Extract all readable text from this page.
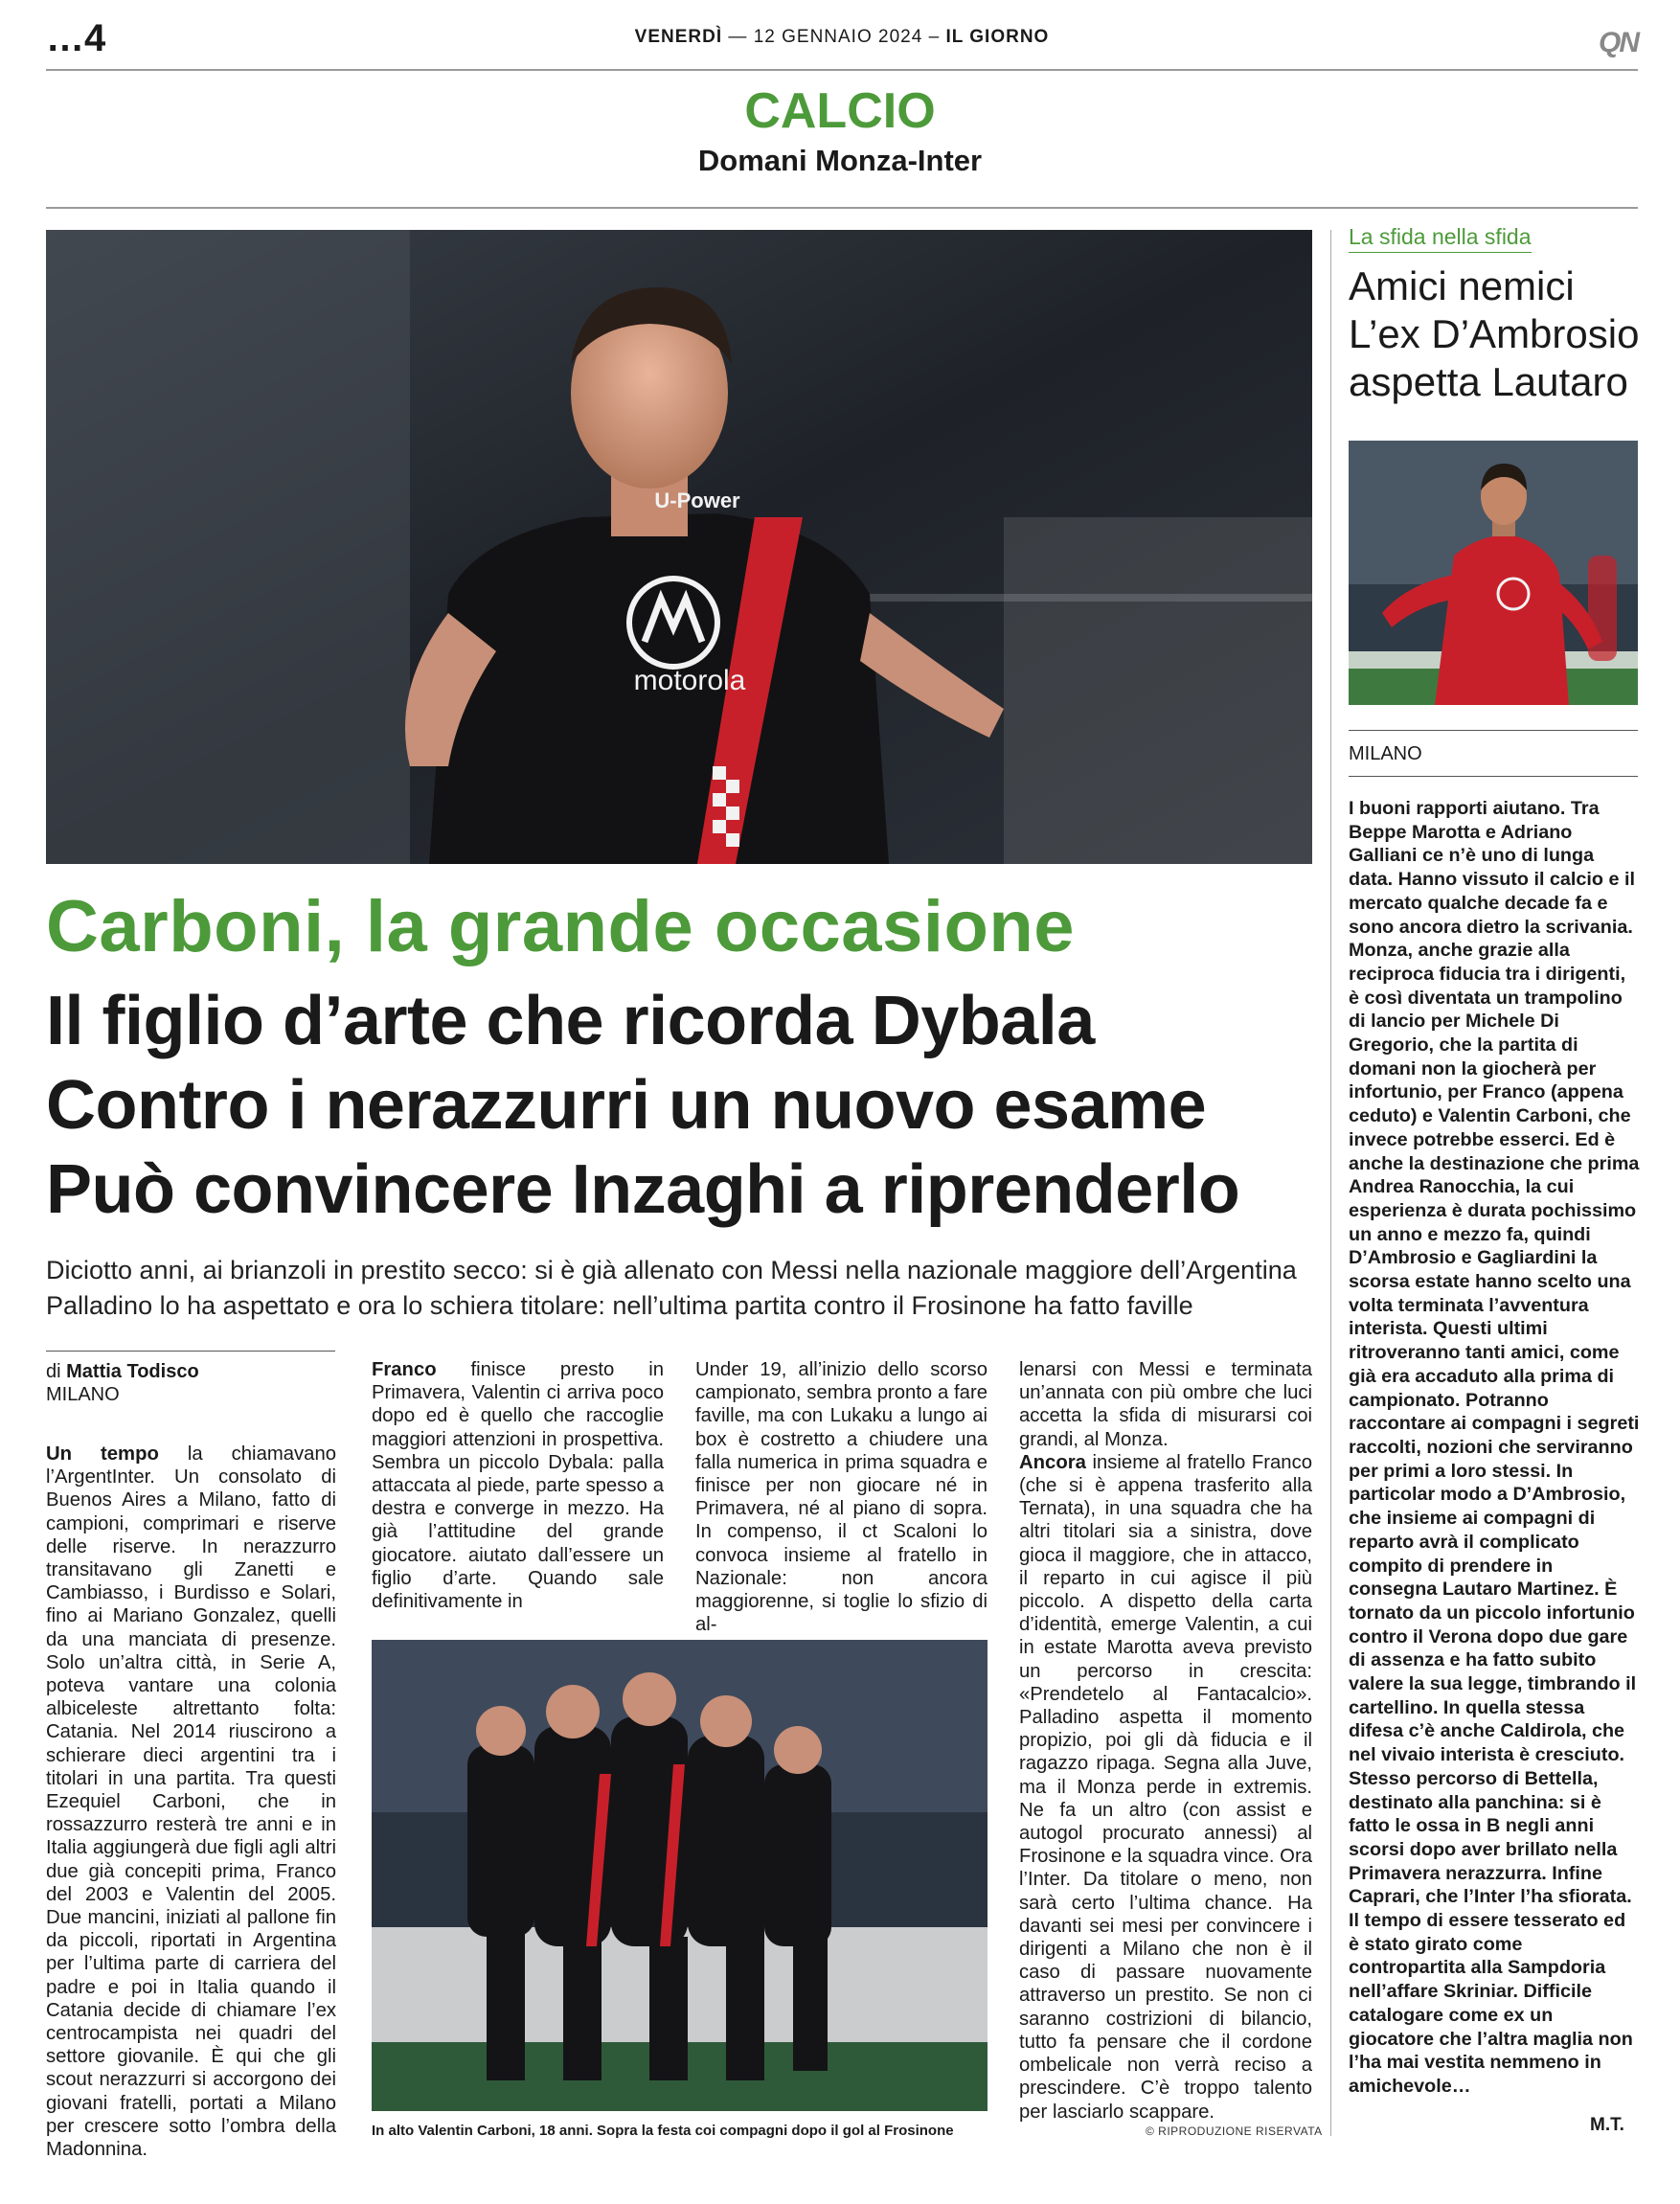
…4	VENERDÌ — 12 GENNAIO 2024 – IL GIORNO	QN
CALCIO
Domani Monza-Inter
motorola
U-Power
Carboni, la grande occasione
Il figlio d’arte che ricorda Dybala
Contro i nerazzurri un nuovo esame
Può convincere Inzaghi a riprenderlo
Diciotto anni, ai brianzoli in prestito secco: si è già allenato con Messi nella nazionale maggiore dell’Argentina
Palladino lo ha aspettato e ora lo schiera titolare: nell’ultima partita contro il Frosinone ha fatto faville
di Mattia Todisco
MILANO
Un tempo la chiamavano l’ArgentInter. Un consolato di Buenos Aires a Milano, fatto di campioni, comprimari e riserve delle riserve. In nerazzurro transitavano gli Zanetti e Cambiasso, i Burdisso e Solari, fino ai Mariano Gonzalez, quelli da una manciata di presenze. Solo un’altra città, in Serie A, poteva vantare una colonia albiceleste altrettanto folta: Catania. Nel 2014 riuscirono a schierare dieci argentini tra i titolari in una partita. Tra questi Ezequiel Carboni, che in rossazzurro resterà tre anni e in Italia aggiungerà due figli agli altri due già concepiti prima, Franco del 2003 e Valentin del 2005. Due mancini, iniziati al pallone fin da piccoli, riportati in Argentina per l’ultima parte di carriera del padre e poi in Italia quando il Catania decide di chiamare l’ex centrocampista nei quadri del settore giovanile. È qui che gli scout nerazzurri si accorgono dei giovani fratelli, portati a Milano per crescere sotto l’ombra della Madonnina.
Franco finisce presto in Primavera, Valentin ci arriva poco dopo ed è quello che raccoglie maggiori attenzioni in prospettiva. Sembra un piccolo Dybala: palla attaccata al piede, parte spesso a destra e converge in mezzo. Ha già l’attitudine del grande giocatore. aiutato dall’essere un figlio d’arte. Quando sale definitivamente in
Under 19, all’inizio dello scorso campionato, sembra pronto a fare faville, ma con Lukaku a lungo ai box è costretto a chiudere una falla numerica in prima squadra e finisce per non giocare né in Primavera, né al piano di sopra. In compenso, il ct Scaloni lo convoca insieme al fratello in Nazionale: non ancora maggiorenne, si toglie lo sfizio di al-
lenarsi con Messi e terminata un’annata con più ombre che luci accetta la sfida di misurarsi coi grandi, al Monza.
Ancora insieme al fratello Franco (che si è appena trasferito alla Ternata), in una squadra che ha altri titolari sia a sinistra, dove gioca il maggiore, che in attacco, il reparto in cui agisce il più piccolo. A dispetto della carta d’identità, emerge Valentin, a cui in estate Marotta aveva previsto un percorso in crescita: «Prendetelo al Fantacalcio». Palladino aspetta il momento propizio, poi gli dà fiducia e il ragazzo ripaga. Segna alla Juve, ma il Monza perde in extremis. Ne fa un altro (con assist e autogol procurato annessi) al Frosinone e la squadra vince. Ora l’Inter. Da titolare o meno, non sarà certo l’ultima chance. Ha davanti sei mesi per convincere i dirigenti a Milano che non è il caso di passare nuovamente attraverso un prestito. Se non ci saranno costrizioni di bilancio, tutto fa pensare che il cordone ombelicale non verrà reciso a prescindere. C’è troppo talento per lasciarlo scappare.
In alto Valentin Carboni, 18 anni. Sopra la festa coi compagni dopo il gol al Frosinone	© RIPRODUZIONE RISERVATA
La sfida nella sfida
Amici nemici
L’ex D’Ambrosio
aspetta Lautaro
MILANO
I buoni rapporti aiutano. Tra Beppe Marotta e Adriano Galliani ce n’è uno di lunga data. Hanno vissuto il calcio e il mercato qualche decade fa e sono ancora dietro la scrivania. Monza, anche grazie alla reciproca fiducia tra i dirigenti, è così diventata un trampolino di lancio per Michele Di Gregorio, che la partita di domani non la giocherà per infortunio, per Franco (appena ceduto) e Valentin Carboni, che invece potrebbe esserci. Ed è anche la destinazione che prima Andrea Ranocchia, la cui esperienza è durata pochissimo un anno e mezzo fa, quindi D’Ambrosio e Gagliardini la scorsa estate hanno scelto una volta terminata l’avventura interista. Questi ultimi ritroveranno tanti amici, come già era accaduto alla prima di campionato. Potranno raccontare ai compagni i segreti raccolti, nozioni che serviranno per primi a loro stessi. In particolar modo a D’Ambrosio, che insieme ai compagni di reparto avrà il complicato compito di prendere in consegna Lautaro Martinez. È tornato da un piccolo infortunio contro il Verona dopo due gare di assenza e ha fatto subito valere la sua legge, timbrando il cartellino. In quella stessa difesa c’è anche Caldirola, che nel vivaio interista è cresciuto. Stesso percorso di Bettella, destinato alla panchina: si è fatto le ossa in B negli anni scorsi dopo aver brillato nella Primavera nerazzurra. Infine Caprari, che l’Inter l’ha sfiorata. Il tempo di essere tesserato ed è stato girato come contropartita alla Sampdoria nell’affare Skriniar. Difficile catalogare come ex un giocatore che l’altra maglia non l’ha mai vestita nemmeno in amichevole…
M.T.
